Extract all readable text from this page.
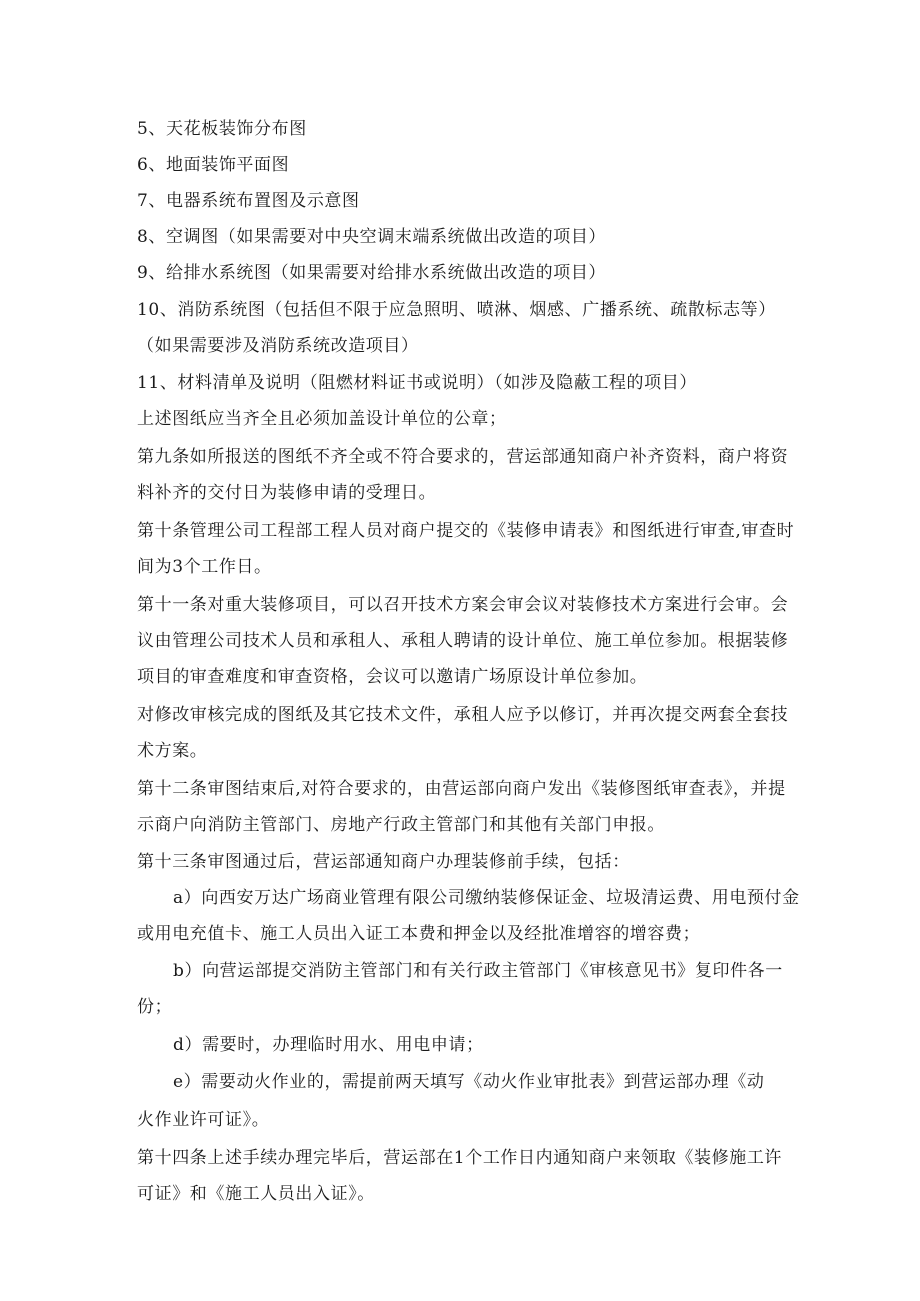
5、天花板装饰分布图
6、地面装饰平面图
7、电器系统布置图及示意图
8、空调图（如果需要对中央空调末端系统做出改造的项目）
9、给排水系统图（如果需要对给排水系统做出改造的项目）
10、消防系统图（包括但不限于应急照明、喷淋、烟感、广播系统、疏散标志等）
（如果需要涉及消防系统改造项目）
11、材料清单及说明（阻燃材料证书或说明）（如涉及隐蔽工程的项目）
上述图纸应当齐全且必须加盖设计单位的公章；
第九条如所报送的图纸不齐全或不符合要求的，营运部通知商户补齐资料，商户将资
料补齐的交付日为装修申请的受理日。
第十条管理公司工程部工程人员对商户提交的《装修申请表》和图纸进行审查,审查时
间为3个工作日。
第十一条对重大装修项目，可以召开技术方案会审会议对装修技术方案进行会审。会
议由管理公司技术人员和承租人、承租人聘请的设计单位、施工单位参加。根据装修
项目的审查难度和审查资格，会议可以邀请广场原设计单位参加。
对修改审核完成的图纸及其它技术文件，承租人应予以修订，并再次提交两套全套技
术方案。
第十二条审图结束后,对符合要求的，由营运部向商户发出《装修图纸审查表》，并提
示商户向消防主管部门、房地产行政主管部门和其他有关部门申报。
第十三条审图通过后，营运部通知商户办理装修前手续，包括：
a）向西安万达广场商业管理有限公司缴纳装修保证金、垃圾清运费、用电预付金
或用电充值卡、施工人员出入证工本费和押金以及经批准增容的增容费；
b）向营运部提交消防主管部门和有关行政主管部门《审核意见书》复印件各一
份；
d）需要时，办理临时用水、用电申请；
e）需要动火作业的，需提前两天填写《动火作业审批表》到营运部办理《动
火作业许可证》。
第十四条上述手续办理完毕后，营运部在1个工作日内通知商户来领取《装修施工许
可证》和《施工人员出入证》。
